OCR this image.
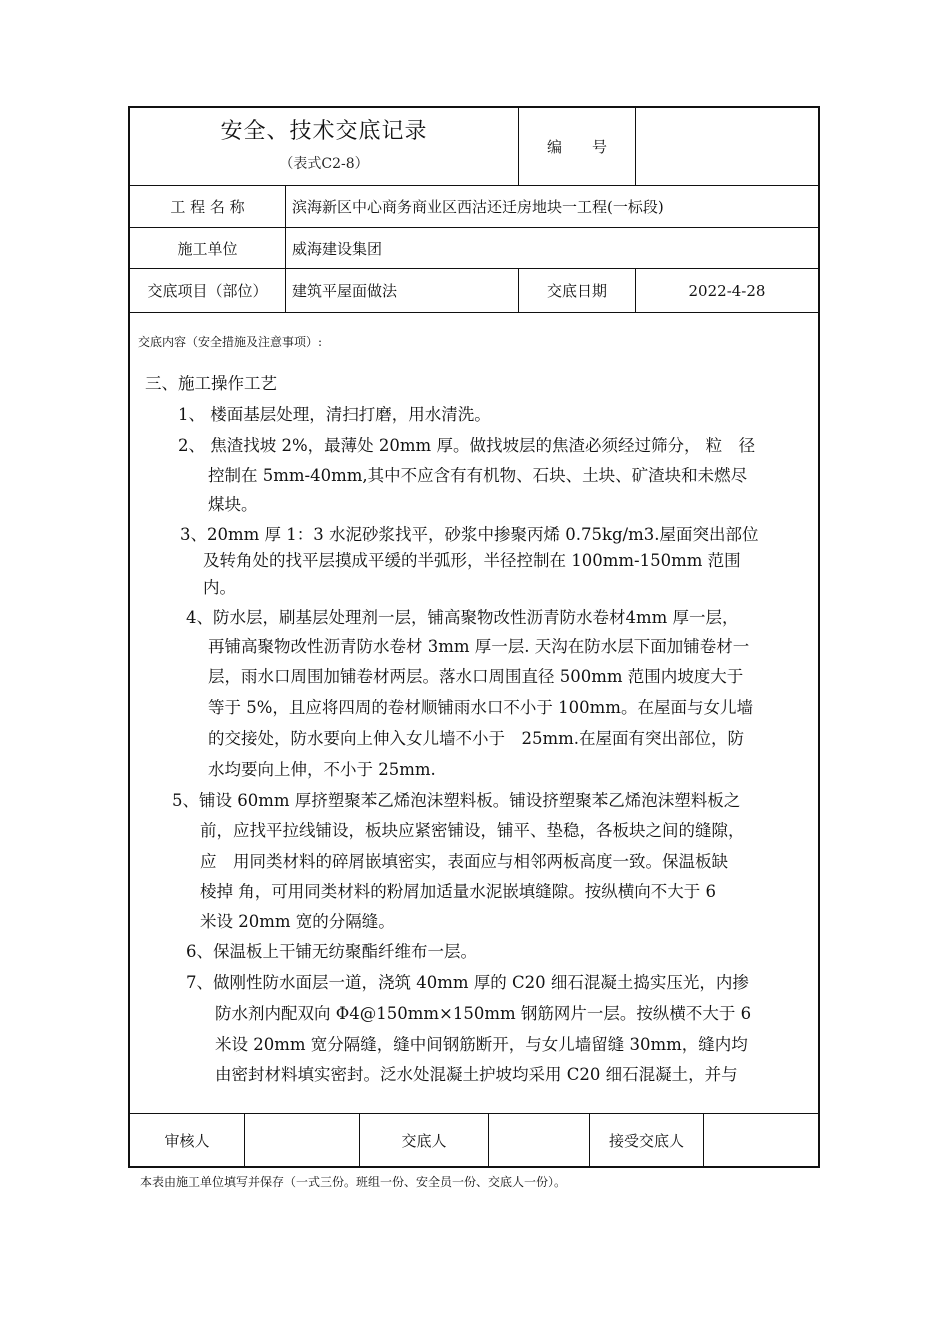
安全、技术交底记录
（表式C2-8）
编　　号
工 程 名 称	滨海新区中心商务商业区西沽还迁房地块一工程(一标段)
施工单位	威海建设集团
交底项目（部位）	建筑平屋面做法	交底日期	2022-4-28
交底内容（安全措施及注意事项）:
三、施工操作工艺
1、 楼面基层处理，清扫打磨，用水清洗。
2、 焦渣找坡 2%，最薄处 20mm 厚。做找坡层的焦渣必须经过筛分， 粒　径
控制在 5mm-40mm,其中不应含有有机物、石块、土块、矿渣块和未燃尽
煤块。
3、20mm 厚 1：3 水泥砂浆找平，砂浆中掺聚丙烯 0.75kg/m3.屋面突出部位
及转角处的找平层摸成平缓的半弧形，半径控制在 100mm-150mm 范围
内。
4、防水层，刷基层处理剂一层，铺高聚物改性沥青防水卷材4mm 厚一层，
再铺高聚物改性沥青防水卷材 3mm 厚一层. 天沟在防水层下面加铺卷材一
层，雨水口周围加铺卷材两层。落水口周围直径 500mm 范围内坡度大于
等于 5%，且应将四周的卷材顺铺雨水口不小于 100mm。在屋面与女儿墙
的交接处，防水要向上伸入女儿墙不小于　25mm.在屋面有突出部位，防
水均要向上伸，不小于 25mm.
5、铺设 60mm 厚挤塑聚苯乙烯泡沫塑料板。铺设挤塑聚苯乙烯泡沫塑料板之
前，应找平拉线铺设，板块应紧密铺设，铺平、垫稳，各板块之间的缝隙，
应　用同类材料的碎屑嵌填密实，表面应与相邻两板高度一致。保温板缺
棱掉 角，可用同类材料的粉屑加适量水泥嵌填缝隙。按纵横向不大于 6
米设 20mm 宽的分隔缝。
6、保温板上干铺无纺聚酯纤维布一层。
7、做刚性防水面层一道，浇筑 40mm 厚的 C20 细石混凝土捣实压光，内掺
防水剂内配双向 Φ4@150mm×150mm 钢筋网片一层。按纵横不大于 6
米设 20mm 宽分隔缝，缝中间钢筋断开，与女儿墙留缝 30mm，缝内均
由密封材料填实密封。泛水处混凝土护坡均采用 C20 细石混凝土，并与
审核人	交底人	接受交底人
本表由施工单位填写并保存（一式三份。班组一份、安全员一份、交底人一份）。
